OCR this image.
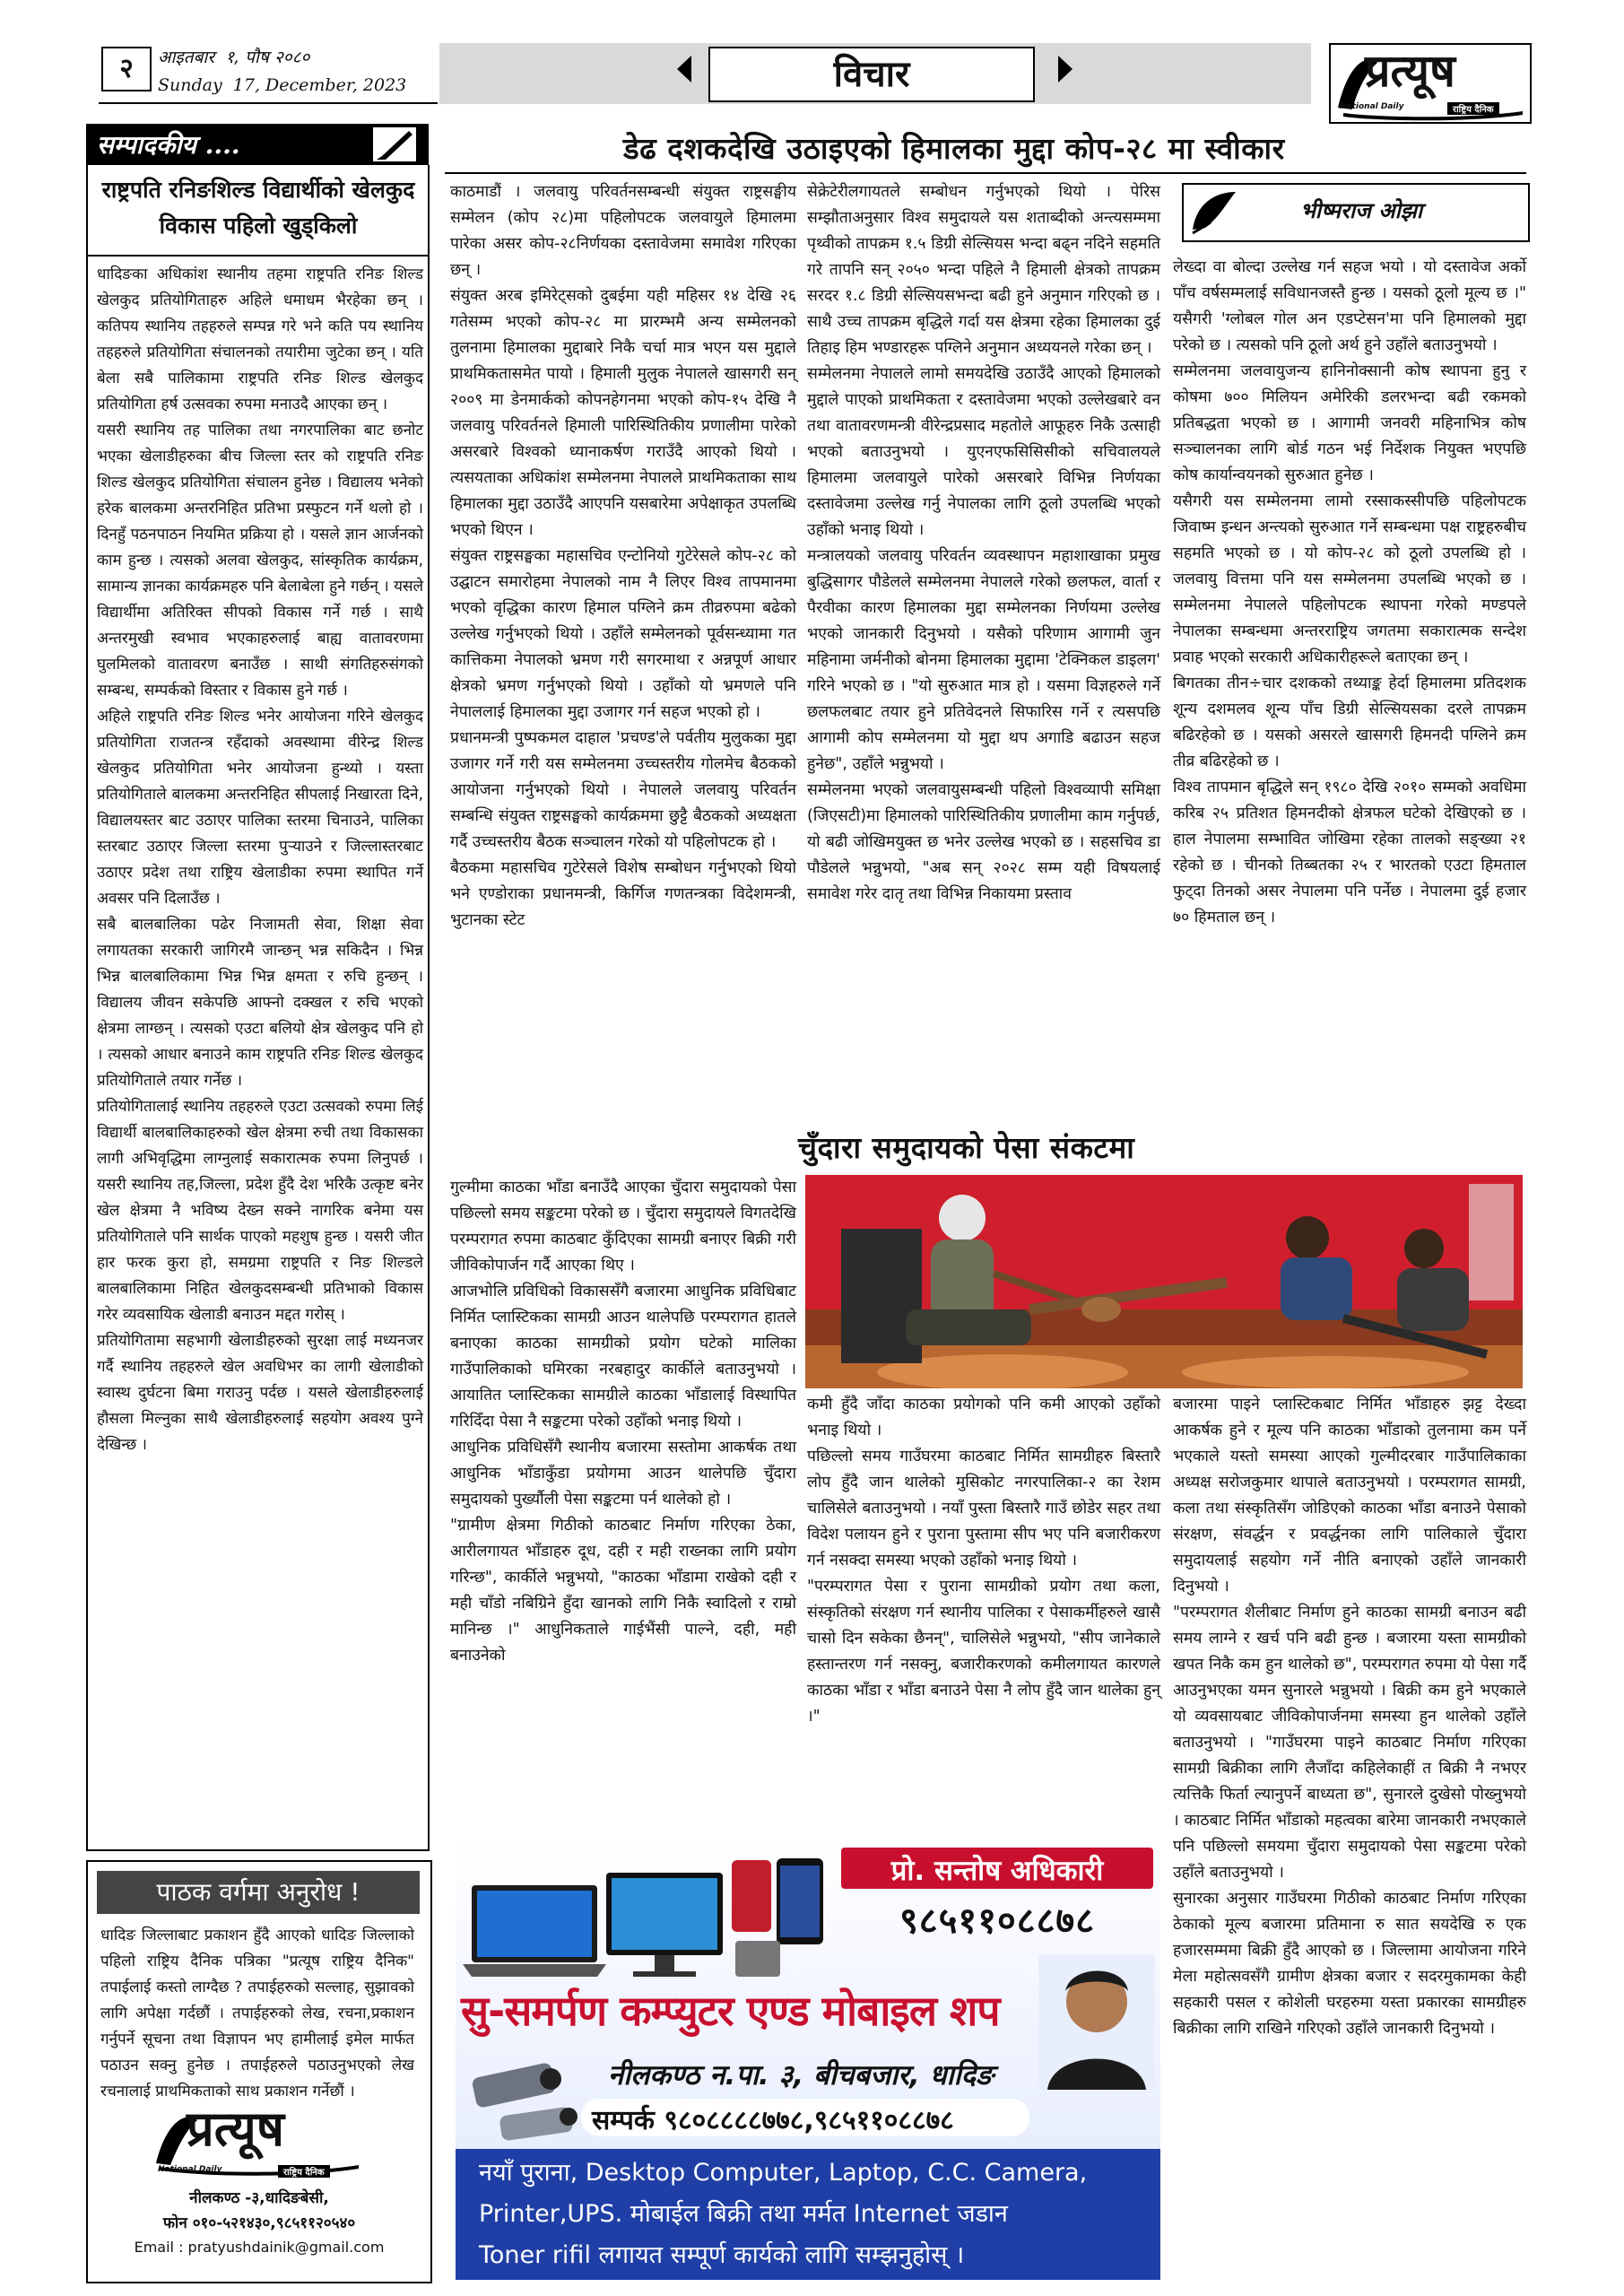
२	आइतबार  १, पौष २०८०
Sunday  17, December, 2023	विचार	प्रत्यूष
National Daily	राष्ट्रिय दैनिक
सम्पादकीय ....
राष्ट्रपति रनिङशिल्ड विद्यार्थीको खेलकुद विकास पहिलो खुड्किलो

धादिङका अधिकांश स्थानीय तहमा राष्ट्रपति रनिङ शिल्ड खेलकुद प्रतियोगिताहरु अहिले धमाधम भैरहेका छन् । कतिपय स्थानिय तहहरुले सम्पन्न गरे भने कति पय स्थानिय तहहरुले प्रतियोगिता संचालनको तयारीमा जुटेका छन् । यति बेला सबै पालिकामा राष्ट्रपति रनिङ शिल्ड खेलकुद प्रतियोगिता हर्ष उत्सवका रुपमा मनाउदै आएका छन् ।
यसरी स्थानिय तह पालिका तथा नगरपालिका बाट छनोट भएका खेलाडीहरुका बीच जिल्ला स्तर को राष्ट्रपति रनिङ शिल्ड खेलकुद प्रतियोगिता संचालन हुनेछ । विद्यालय भनेको हरेक बालकमा अन्तरनिहित प्रतिभा प्रस्फुटन गर्ने थलो हो । दिनहुँ पठनपाठन नियमित प्रक्रिया हो । यसले ज्ञान आर्जनको काम हुन्छ । त्यसको अलवा खेलकुद, सांस्कृतिक कार्यक्रम, सामान्य ज्ञानका कार्यक्रमहरु पनि बेलाबेला हुने गर्छन् । यसले विद्यार्थीमा अतिरिक्त सीपको विकास गर्ने गर्छ । साथै अन्तरमुखी स्वभाव भएकाहरुलाई बाह्य वातावरणमा घुलमिलको वातावरण बनाउँछ । साथी संगतिहरुसंगको सम्बन्ध, सम्पर्कको विस्तार र विकास हुने गर्छ ।
अहिले राष्ट्रपति रनिङ शिल्ड भनेर आयोजना गरिने खेलकुद प्रतियोगिता राजतन्त्र रहँदाको अवस्थामा वीरेन्द्र शिल्ड खेलकुद प्रतियोगिता भनेर आयोजना हुन्थ्यो । यस्ता प्रतियोगिताले बालकमा अन्तरनिहित सीपलाई निखारता दिने, विद्यालयस्तर बाट उठाएर पालिका स्तरमा चिनाउने, पालिका स्तरबाट उठाएर जिल्ला स्तरमा पुऱ्याउने र जिल्लास्तरबाट उठाएर प्रदेश तथा राष्ट्रिय खेलाडीका रुपमा स्थापित गर्ने अवसर पनि दिलाउँछ ।
सबै बालबालिका पढेर निजामती सेवा, शिक्षा सेवा लगायतका सरकारी जागिरमै जान्छन् भन्न सकिदैन । भिन्न भिन्न बालबालिकामा भिन्न भिन्न क्षमता र रुचि हुन्छन् । विद्यालय जीवन सकेपछि आफ्नो दक्खल र रुचि भएको क्षेत्रमा लाग्छन् । त्यसको एउटा बलियो क्षेत्र खेलकुद पनि हो । त्यसको आधार बनाउने काम राष्ट्रपति रनिङ शिल्ड खेलकुद प्रतियोगिताले तयार गर्नेछ ।
प्रतियोगितालाई स्थानिय तहहरुले एउटा उत्सवको रुपमा लिई विद्यार्थी बालबालिकाहरुको खेल क्षेत्रमा रुची तथा विकासका लागी अभिवृद्धिमा लाग्नुलाई सकारात्मक रुपमा लिनुपर्छ । यसरी स्थानिय तह,जिल्ला, प्रदेश हुँदै देश भरिकै उत्कृष्ट बनेर खेल क्षेत्रमा नै भविष्य देख्न सक्ने नागरिक बनेमा यस प्रतियोगिताले पनि सार्थक पाएको महशुष हुन्छ । यसरी जीत हार फरक कुरा हो, समग्रमा राष्ट्रपति र निङ शिल्डले बालबालिकामा निहित खेलकुदसम्बन्धी प्रतिभाको विकास गरेर व्यवसायिक खेलाडी बनाउन मद्दत गरोस् ।
प्रतियोगितामा सहभागी खेलाडीहरुको सुरक्षा लाई मध्यनजर गर्दै स्थानिय तहहरुले खेल अवधिभर का लागी खेलाडीको स्वास्थ दुर्घटना बिमा गराउनु पर्दछ । यसले खेलाडीहरुलाई हौसला मिल्नुका साथै खेलाडीहरुलाई सहयोग अवश्य पुग्ने देखिन्छ ।

पाठक वर्गमा अनुरोध !

धादिङ जिल्लाबाट प्रकाशन हुँदै आएको धादिङ जिल्लाको पहिलो राष्ट्रिय दैनिक पत्रिका "प्रत्यूष राष्ट्रिय दैनिक" तपाईलाई कस्तो लाग्दैछ ? तपाईहरुको सल्लाह, सुझावको लागि अपेक्षा गर्दछौं । तपाईहरुको लेख, रचना,प्रकाशन गर्नुपर्ने सूचना तथा विज्ञापन भए हामीलाई इमेल मार्फत पठाउन सक्नु हुनेछ । तपाईहरुले पठाउनुभएको लेख रचनालाई प्राथमिकताको साथ प्रकाशन गर्नेछौं ।

प्रत्यूष
National Daily	राष्ट्रिय दैनिक
नीलकण्ठ -३,धादिङबेसी,
फोन ०१०-५२१४३०,९८५११२०५४०
Email : pratyushdainik@gmail.com
डेढ दशकदेखि उठाइएको हिमालका मुद्दा कोप-२८ मा स्वीकार

काठमाडौं । जलवायु परिवर्तनसम्बन्धी संयुक्त राष्ट्रसङ्घीय सम्मेलन (कोप २८)मा पहिलोपटक जलवायुले हिमालमा पारेका असर कोप-२८निर्णयका दस्तावेजमा समावेश गरिएका छन् ।
संयुक्त अरब इमिरेट्सको दुबईमा यही महिसर १४ देखि २६ गतेसम्म भएको कोप-२८ मा प्रारम्भमै अन्य सम्मेलनको तुलनामा हिमालका मुद्दाबारे निकै चर्चा मात्र भएन यस मुद्दाले प्राथमिकतासमेत पायो । हिमाली मुलुक नेपालले खासगरी सन् २००९ मा डेनमार्कको कोपनहेगनमा भएको कोप-१५ देखि नै जलवायु परिवर्तनले हिमाली पारिस्थितिकीय प्रणालीमा पारेको असरबारे विश्वको ध्यानाकर्षण गराउँदै आएको थियो । त्यसयताका अधिकांश सम्मेलनमा नेपालले प्राथमिकताका साथ हिमालका मुद्दा उठाउँदै आएपनि यसबारेमा अपेक्षाकृत उपलब्धि भएको थिएन ।
संयुक्त राष्ट्रसङ्घका महासचिव एन्टोनियो गुटेरेसले कोप-२८ को उद्घाटन समारोहमा नेपालको नाम नै लिएर विश्व तापमानमा भएको वृद्धिका कारण हिमाल पग्लिने क्रम तीव्ररुपमा बढेको उल्लेख गर्नुभएको थियो । उहाँले सम्मेलनको पूर्वसन्ध्यामा गत कात्तिकमा नेपालको भ्रमण गरी सगरमाथा र अन्नपूर्ण आधार क्षेत्रको भ्रमण गर्नुभएको थियो । उहाँको यो भ्रमणले पनि नेपाललाई हिमालका मुद्दा उजागर गर्न सहज भएको हो ।
प्रधानमन्त्री पुष्पकमल दाहाल 'प्रचण्ड'ले पर्वतीय मुलुकका मुद्दा उजागर गर्ने गरी यस सम्मेलनमा उच्चस्तरीय गोलमेच बैठकको आयोजना गर्नुभएको थियो । नेपालले जलवायु परिवर्तन सम्बन्धि संयुक्त राष्ट्रसङ्घको कार्यक्रममा छुट्टै बैठकको अध्यक्षता गर्दै उच्चस्तरीय बैठक सञ्चालन गरेको यो पहिलोपटक हो ।
बैठकमा महासचिव गुटेरेसले विशेष सम्बोधन गर्नुभएको थियो भने एण्डोराका प्रधानमन्त्री, किर्गिज गणतन्त्रका विदेशमन्त्री, भुटानका स्टेट

सेक्रेटेरीलगायतले सम्बोधन गर्नुभएको थियो । पेरिस सम्झौताअनुसार विश्व समुदायले यस शताब्दीको अन्त्यसम्ममा पृथ्वीको तापक्रम १.५ डिग्री सेल्सियस भन्दा बढ्न नदिने सहमति गरे तापनि सन् २०५० भन्दा पहिले नै हिमाली क्षेत्रको तापक्रम सरदर १.८ डिग्री सेल्सियसभन्दा बढी हुने अनुमान गरिएको छ । साथै उच्च तापक्रम बृद्धिले गर्दा यस क्षेत्रमा रहेका हिमालका दुई तिहाइ हिम भण्डारहरू पग्लिने अनुमान अध्ययनले गरेका छन् ।
सम्मेलनमा नेपालले लामो समयदेखि उठाउँदै आएको हिमालको मुद्दाले पाएको प्राथमिकता र दस्तावेजमा भएको उल्लेखबारे वन तथा वातावरणमन्त्री वीरेन्द्रप्रसाद महतोले आफूहरु निकै उत्साही भएको बताउनुभयो । युएनएफसिसिसीको सचिवालयले हिमालमा जलवायुले पारेको असरबारे विभिन्न निर्णयका दस्तावेजमा उल्लेख गर्नु नेपालका लागि ठूलो उपलब्धि भएको उहाँको भनाइ थियो ।
मन्त्रालयको जलवायु परिवर्तन व्यवस्थापन महाशाखाका प्रमुख बुद्धिसागर पौडेलले सम्मेलनमा नेपालले गरेको छलफल, वार्ता र पैरवीका कारण हिमालका मुद्दा सम्मेलनका निर्णयमा उल्लेख भएको जानकारी दिनुभयो । यसैको परिणाम आगामी जुन महिनामा जर्मनीको बोनमा हिमालका मुद्दामा 'टेक्निकल डाइलग' गरिने भएको छ । "यो सुरुआत मात्र हो । यसमा विज्ञहरुले गर्ने छलफलबाट तयार हुने प्रतिवेदनले सिफारिस गर्ने र त्यसपछि आगामी कोप सम्मेलनमा यो मुद्दा थप अगाडि बढाउन सहज हुनेछ", उहाँले भन्नुभयो ।
सम्मेलनमा भएको जलवायुसम्बन्धी पहिलो विश्वव्यापी समिक्षा (जिएसटी)मा हिमालको पारिस्थितिकीय प्रणालीमा काम गर्नुपर्छ, यो बढी जोखिमयुक्त छ भनेर उल्लेख भएको छ । सहसचिव डा पौडेलले भन्नुभयो, "अब सन् २०२८ सम्म यही विषयलाई समावेश गरेर दातृ तथा विभिन्न निकायमा प्रस्ताव

भीष्मराज ओझा

लेख्दा वा बोल्दा उल्लेख गर्न सहज भयो । यो दस्तावेज अर्को पाँच वर्षसम्मलाई सविधानजस्तै हुन्छ । यसको ठूलो मूल्य छ ।" यसैगरी 'ग्लोबल गोल अन एडप्टेसन'मा पनि हिमालको मुद्दा परेको छ । त्यसको पनि ठूलो अर्थ हुने उहाँले बताउनुभयो ।
सम्मेलनमा जलवायुजन्य हानिनोक्सानी कोष स्थापना हुनु र कोषमा ७०० मिलियन अमेरिकी डलरभन्दा बढी रकमको प्रतिबद्धता भएको छ । आगामी जनवरी महिनाभित्र कोष सञ्चालनका लागि बोर्ड गठन भई निर्देशक नियुक्त भएपछि कोष कार्यान्वयनको सुरुआत हुनेछ ।
यसैगरी यस सम्मेलनमा लामो रस्साकस्सीपछि पहिलोपटक जिवाष्म इन्धन अन्त्यको सुरुआत गर्ने सम्बन्धमा पक्ष राष्ट्रहरुबीच सहमति भएको छ । यो कोप-२८ को ठूलो उपलब्धि हो । जलवायु वित्तमा पनि यस सम्मेलनमा उपलब्धि भएको छ । सम्मेलनमा नेपालले पहिलोपटक स्थापना गरेको मण्डपले नेपालका सम्बन्धमा अन्तरराष्ट्रिय जगतमा सकारात्मक सन्देश प्रवाह भएको सरकारी अधिकारीहरूले बताएका छन् ।
बिगतका तीन÷चार दशकको तथ्याङ्क हेर्दा हिमालमा प्रतिदशक शून्य दशमलव शून्य पाँच डिग्री सेल्सियसका दरले तापक्रम बढिरहेको छ । यसको असरले खासगरी हिमनदी पग्लिने क्रम तीव्र बढिरहेको छ ।
विश्व तापमान बृद्धिले सन् १९८० देखि २०१० सम्मको अवधिमा करिब २५ प्रतिशत हिमनदीको क्षेत्रफल घटेको देखिएको छ । हाल नेपालमा सम्भावित जोखिमा रहेका तालको सङ्ख्या २१ रहेको छ । चीनको तिब्बतका २५ र भारतको एउटा हिमताल फुट्दा तिनको असर नेपालमा पनि पर्नेछ । नेपालमा दुई हजार ७० हिमताल छन् ।

चुँदारा समुदायको पेसा संकटमा

गुल्मीमा काठका भाँडा बनाउँदै आएका चुँदारा समुदायको पेसा पछिल्लो समय सङ्कटमा परेको छ । चुँदारा समुदायले विगतदेखि परम्परागत रुपमा काठबाट कुँदिएका सामग्री बनाएर बिक्री गरी जीविकोपार्जन गर्दै आएका थिए ।
आजभोलि प्रविधिको विकाससँगै बजारमा आधुनिक प्रविधिबाट निर्मित प्लास्टिकका सामग्री आउन थालेपछि परम्परागत हातले बनाएका काठका सामग्रीको प्रयोग घटेको मालिका गाउँपालिकाको घमिरका नरबहादुर कार्कीले बताउनुभयो । आयातित प्लास्टिकका सामग्रीले काठका भाँडालाई विस्थापित गरिदिँदा पेसा नै सङ्कटमा परेको उहाँको भनाइ थियो ।
आधुनिक प्रविधिसँगै स्थानीय बजारमा सस्तोमा आकर्षक तथा आधुनिक भाँडाकुँडा प्रयोगमा आउन थालेपछि चुँदारा समुदायको पुर्ख्यौली पेसा सङ्कटमा पर्न थालेको हो ।
"ग्रामीण क्षेत्रमा गिठीको काठबाट निर्माण गरिएका ठेका, आरीलगायत भाँडाहरु दूध, दही र मही राख्नका लागि प्रयोग गरिन्छ", कार्कीले भन्नुभयो, "काठका भाँडामा राखेको दही र मही चाँडो नबिग्रिने हुँदा खानको लागि निकै स्वादिलो र राम्रो मानिन्छ ।" आधुनिकताले गाईभैंसी पाल्ने, दही, मही बनाउनेको

कमी हुँदै जाँदा काठका प्रयोगको पनि कमी आएको उहाँको भनाइ थियो ।
पछिल्लो समय गाउँघरमा काठबाट निर्मित सामग्रीहरु बिस्तारै लोप हुँदै जान थालेको मुसिकोट नगरपालिका-२ का रेशम चालिसेले बताउनुभयो । नयाँ पुस्ता बिस्तारै गाउँ छोडेर सहर तथा विदेश पलायन हुने र पुराना पुस्तामा सीप भए पनि बजारीकरण गर्न नसक्दा समस्या भएको उहाँको भनाइ थियो ।
"परम्परागत पेसा र पुराना सामग्रीको प्रयोग तथा कला, संस्कृतिको संरक्षण गर्न स्थानीय पालिका र पेसाकर्मीहरुले खासै चासो दिन सकेका छैनन्", चालिसेले भन्नुभयो, "सीप जानेकाले हस्तान्तरण गर्न नसक्नु, बजारीकरणको कमीलगायत कारणले काठका भाँडा र भाँडा बनाउने पेसा नै लोप हुँदै जान थालेका हुन् ।"

बजारमा पाइने प्लास्टिकबाट निर्मित भाँडाहरु झट्ट देख्दा आकर्षक हुने र मूल्य पनि काठका भाँडाको तुलनामा कम पर्ने भएकाले यस्तो समस्या आएको गुल्मीदरबार गाउँपालिकाका अध्यक्ष सरोजकुमार थापाले बताउनुभयो । परम्परागत सामग्री, कला तथा संस्कृतिसँग जोडिएको काठका भाँडा बनाउने पेसाको संरक्षण, संवर्द्धन र प्रवर्द्धनका लागि पालिकाले चुँदारा समुदायलाई सहयोग गर्ने नीति बनाएको उहाँले जानकारी दिनुभयो ।
"परम्परागत शैलीबाट निर्माण हुने काठका सामग्री बनाउन बढी समय लाग्ने र खर्च पनि बढी हुन्छ । बजारमा यस्ता सामग्रीको खपत निकै कम हुन थालेको छ", परम्परागत रुपमा यो पेसा गर्दै आउनुभएका यमन सुनारले भन्नुभयो । बिक्री कम हुने भएकाले यो व्यवसायबाट जीविकोपार्जनमा समस्या हुन थालेको उहाँले बताउनुभयो । "गाउँघरमा पाइने काठबाट निर्माण गरिएका सामग्री बिक्रीका लागि लैजाँदा कहिलेकाहीं त बिक्री नै नभएर त्यत्तिकै फिर्ता ल्यानुपर्ने बाध्यता छ", सुनारले दुखेसो पोख्नुभयो । काठबाट निर्मित भाँडाको महत्वका बारेमा जानकारी नभएकाले पनि पछिल्लो समयमा चुँदारा समुदायको पेसा सङ्कटमा परेको उहाँले बताउनुभयो ।
सुनारका अनुसार गाउँघरमा गिठीको काठबाट निर्माण गरिएका ठेकाको मूल्य बजारमा प्रतिमाना रु सात सयदेखि रु एक हजारसम्ममा बिक्री हुँदै आएको छ । जिल्लामा आयोजना गरिने मेला महोत्सवसँगै ग्रामीण क्षेत्रका बजार र सदरमुकामका केही सहकारी पसल र कोशेली घरहरुमा यस्ता प्रकारका सामग्रीहरु बिक्रीका लागि राखिने गरिएको उहाँले जानकारी दिनुभयो ।

प्रो. सन्तोष अधिकारी
९८५११०८८७८
सु-समर्पण कम्प्युटर एण्ड मोबाइल शप
नीलकण्ठ न.पा. ३, बीचबजार, धादिङ
सम्पर्क ९८०८८८८७७८,९८५११०८८७८
नयाँ पुराना, Desktop Computer, Laptop, C.C. Camera,
Printer,UPS. मोबाईल बिक्री तथा मर्मत Internet जडान
Toner rifil लगायत सम्पूर्ण कार्यको लागि सम्झनुहोस् ।
